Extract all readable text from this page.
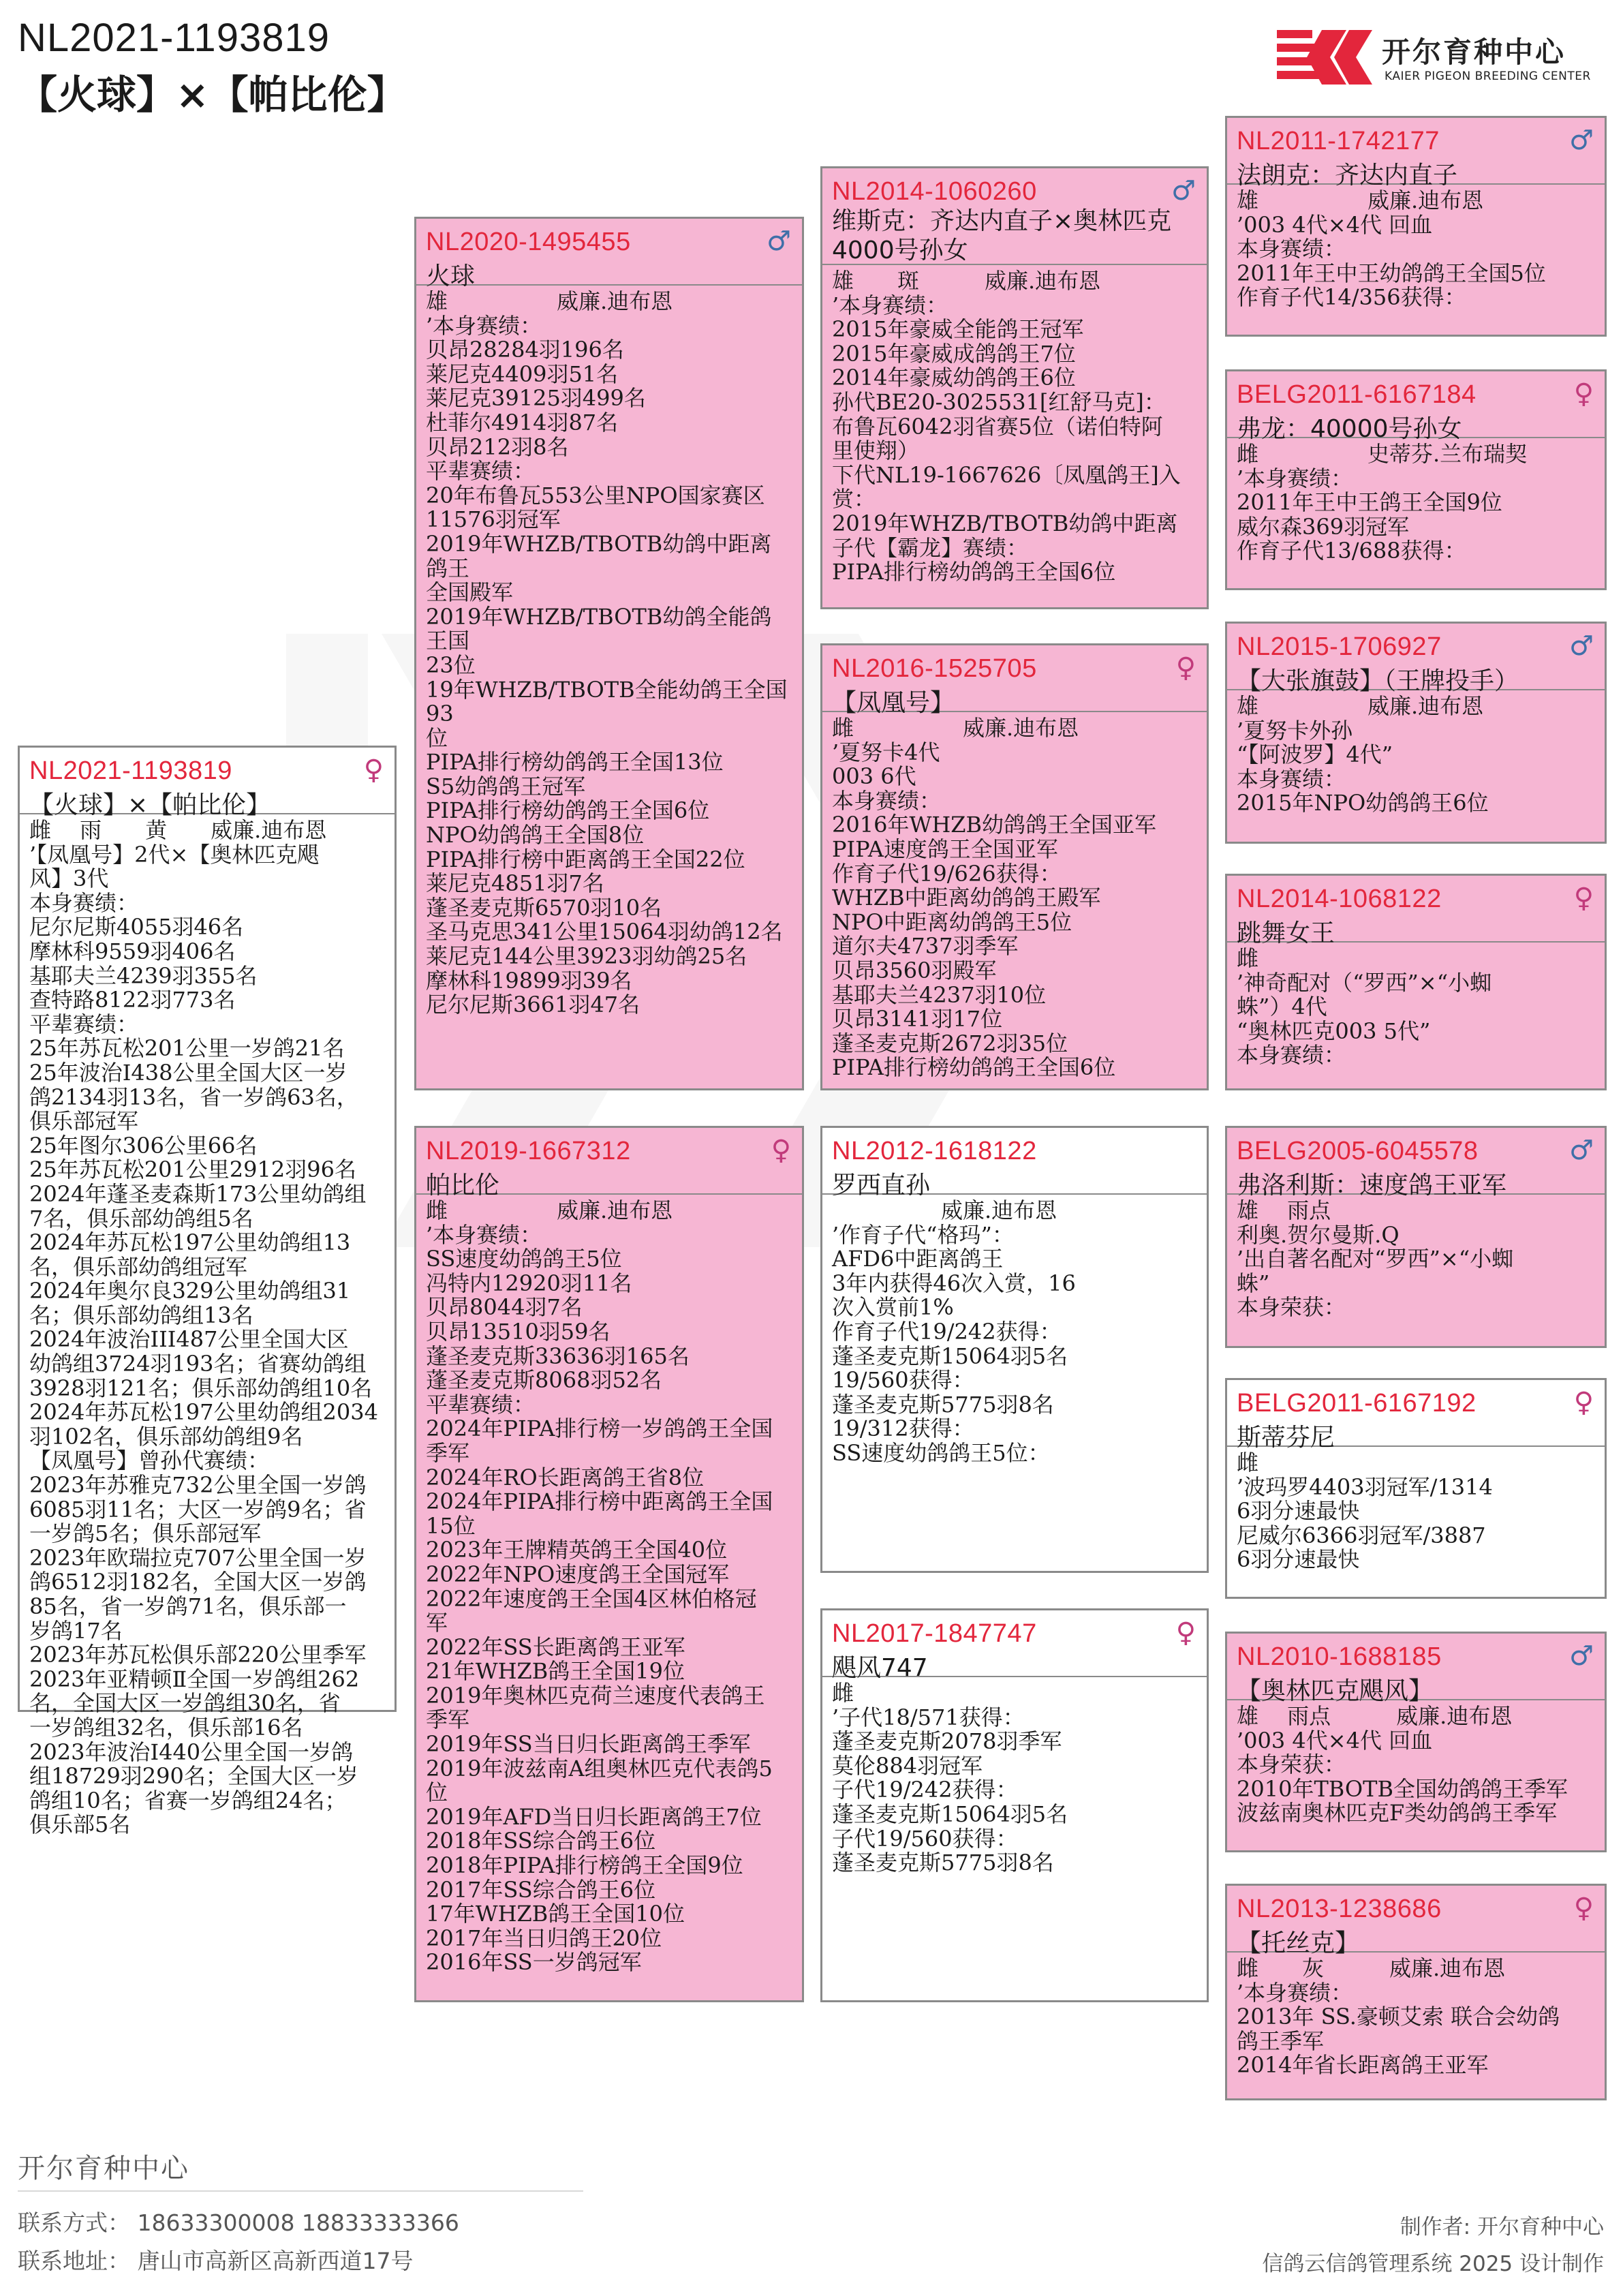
NL2021-1193819
【火球】×【帕比伦】
开尔育种中心
KAIER PIGEON BREEDING CENTER
NL2021-1193819	♀
【火球】×【帕比伦】
雌　 雨　　黄　　威廉.迪布恩
’【凤凰号】2代×【奥林匹克飓
风】3代
本身赛绩：
尼尔尼斯4055羽46名
摩林科9559羽406名
基耶夫兰4239羽355名
查特路8122羽773名
平辈赛绩：
25年苏瓦松201公里一岁鸽21名
25年波治Ⅰ438公里全国大区一岁
鸽2134羽13名，省一岁鸽63名，
俱乐部冠军
25年图尔306公里66名
25年苏瓦松201公里2912羽96名
2024年蓬圣麦森斯173公里幼鸽组
7名，俱乐部幼鸽组5名
2024年苏瓦松197公里幼鸽组13
名，俱乐部幼鸽组冠军
2024年奥尔良329公里幼鸽组31
名；俱乐部幼鸽组13名
2024年波治III487公里全国大区
幼鸽组3724羽193名；省赛幼鸽组
3928羽121名；俱乐部幼鸽组10名
2024年苏瓦松197公里幼鸽组2034
羽102名，俱乐部幼鸽组9名
【凤凰号】曾孙代赛绩：
2023年苏雅克732公里全国一岁鸽
6085羽11名；大区一岁鸽9名；省
一岁鸽5名；俱乐部冠军
2023年欧瑞拉克707公里全国一岁
鸽6512羽182名，全国大区一岁鸽
85名，省一岁鸽71名，俱乐部一
岁鸽17名
2023年苏瓦松俱乐部220公里季军
2023年亚精顿Ⅱ全国一岁鸽组262
名，全国大区一岁鸽组30名，省
一岁鸽组32名，俱乐部16名
2023年波治Ⅰ440公里全国一岁鸽
组18729羽290名；全国大区一岁
鸽组10名；省赛一岁鸽组24名；
俱乐部5名
NL2020-1495455	♂
火球
雄　　　　　威廉.迪布恩
’本身赛绩：
贝昂28284羽196名
莱尼克4409羽51名
莱尼克39125羽499名
杜菲尔4914羽87名
贝昂212羽8名
平辈赛绩：
20年布鲁瓦553公里NPO国家赛区
11576羽冠军
2019年WHZB/TBOTB幼鸽中距离鸽王
全国殿军
2019年WHZB/TBOTB幼鸽全能鸽王国
23位
19年WHZB/TBOTB全能幼鸽王全国93
位
PIPA排行榜幼鸽鸽王全国13位
S5幼鸽鸽王冠军
PIPA排行榜幼鸽鸽王全国6位
NPO幼鸽鸽王全国8位
PIPA排行榜中距离鸽王全国22位
莱尼克4851羽7名
蓬圣麦克斯6570羽10名
圣马克思341公里15064羽幼鸽12名
莱尼克144公里3923羽幼鸽25名
摩林科19899羽39名
尼尔尼斯3661羽47名
NL2019-1667312	♀
帕比伦
雌　　　　　威廉.迪布恩
’本身赛绩：
SS速度幼鸽鸽王5位
冯特内12920羽11名
贝昂8044羽7名
贝昂13510羽59名
蓬圣麦克斯33636羽165名
蓬圣麦克斯8068羽52名
平辈赛绩：
2024年PIPA排行榜一岁鸽鸽王全国
季军
2024年RO长距离鸽王省8位
2024年PIPA排行榜中距离鸽王全国
15位
2023年王牌精英鸽王全国40位
2022年NPO速度鸽王全国冠军
2022年速度鸽王全国4区林伯格冠
军
2022年SS长距离鸽王亚军
21年WHZB鸽王全国19位
2019年奥林匹克荷兰速度代表鸽王
季军
2019年SS当日归长距离鸽王季军
2019年波兹南A组奥林匹克代表鸽5
位
2019年AFD当日归长距离鸽王7位
2018年SS综合鸽王6位
2018年PIPA排行榜鸽王全国9位
2017年SS综合鸽王6位
17年WHZB鸽王全国10位
2017年当日归鸽王20位
2016年SS一岁鸽冠军
NL2014-1060260	♂
维斯克：齐达内直子×奥林匹克4000号孙女
雄　　斑　　　威廉.迪布恩
’本身赛绩：
2015年豪威全能鸽王冠军
2015年豪威成鸽鸽王7位
2014年豪威幼鸽鸽王6位
孙代BE20-3025531[红舒马克]：
布鲁瓦6042羽省赛5位（诺伯特阿
里使翔）
下代NL19-1667626〔凤凰鸽王]入
赏：
2019年WHZB/TBOTB幼鸽中距离
子代【霸龙】赛绩：
PIPA排行榜幼鸽鸽王全国6位
NL2016-1525705	♀
【凤凰号】
雌　　　　　威廉.迪布恩
’夏努卡4代
003 6代
本身赛绩：
2016年WHZB幼鸽鸽王全国亚军
PIPA速度鸽王全国亚军
作育子代19/626获得：
WHZB中距离幼鸽鸽王殿军
NPO中距离幼鸽鸽王5位
道尔夫4737羽季军
贝昂3560羽殿军
基耶夫兰4237羽10位
贝昂3141羽17位
蓬圣麦克斯2672羽35位
PIPA排行榜幼鸽鸽王全国6位
NL2012-1618122
罗西直孙
　　　　　威廉.迪布恩
’作育子代“格玛”：
AFD6中距离鸽王
3年内获得46次入赏，16
次入赏前1%
作育子代19/242获得：
蓬圣麦克斯15064羽5名
19/560获得：
蓬圣麦克斯5775羽8名
19/312获得：
SS速度幼鸽鸽王5位：
NL2017-1847747	♀
飓风747
雌
’子代18/571获得：
蓬圣麦克斯2078羽季军
莫伦884羽冠军
子代19/242获得：
蓬圣麦克斯15064羽5名
子代19/560获得：
蓬圣麦克斯5775羽8名
NL2011-1742177	♂
法朗克：齐达内直子
雄　　　　　威廉.迪布恩
’003 4代×4代 回血
本身赛绩：
2011年王中王幼鸽鸽王全国5位
作育子代14/356获得：
BELG2011-6167184	♀
弗龙：40000号孙女
雌　　　　　史蒂芬.兰布瑞契
’本身赛绩：
2011年王中王鸽王全国9位
威尔森369羽冠军
作育子代13/688获得：
NL2015-1706927	♂
【大张旗鼓】（王牌投手）
雄　　　　　威廉.迪布恩
’夏努卡外孙
“【阿波罗】4代”
本身赛绩：
2015年NPO幼鸽鸽王6位
NL2014-1068122	♀
跳舞女王
雌
’神奇配对（“罗西”×“小蜘
蛛”）4代
“奥林匹克003 5代”
本身赛绩：
BELG2005-6045578	♂
弗洛利斯：速度鸽王亚军
雄　 雨点
利奥.贺尔曼斯.Q
’出自著名配对“罗西”×“小蜘
蛛”
本身荣获：
BELG2011-6167192	♀
斯蒂芬尼
雌
’波玛罗4403羽冠军/1314
6羽分速最快
尼威尔6366羽冠军/3887
6羽分速最快
NL2010-1688185	♂
【奥林匹克飓风】
雄　 雨点　　　威廉.迪布恩
’003 4代×4代 回血
本身荣获：
2010年TBOTB全国幼鸽鸽王季军
波兹南奥林匹克F类幼鸽鸽王季军
NL2013-1238686	♀
【托丝克】
雌　　灰　　　威廉.迪布恩
’本身赛绩：
2013年 SS.豪顿艾索 联合会幼鸽
鸽王季军
2014年省长距离鸽王亚军
开尔育种中心
联系方式： 18633300008 18833333366
联系地址： 唐山市高新区高新西道17号
制作者: 开尔育种中心
信鸽云信鸽管理系统 2025 设计制作
